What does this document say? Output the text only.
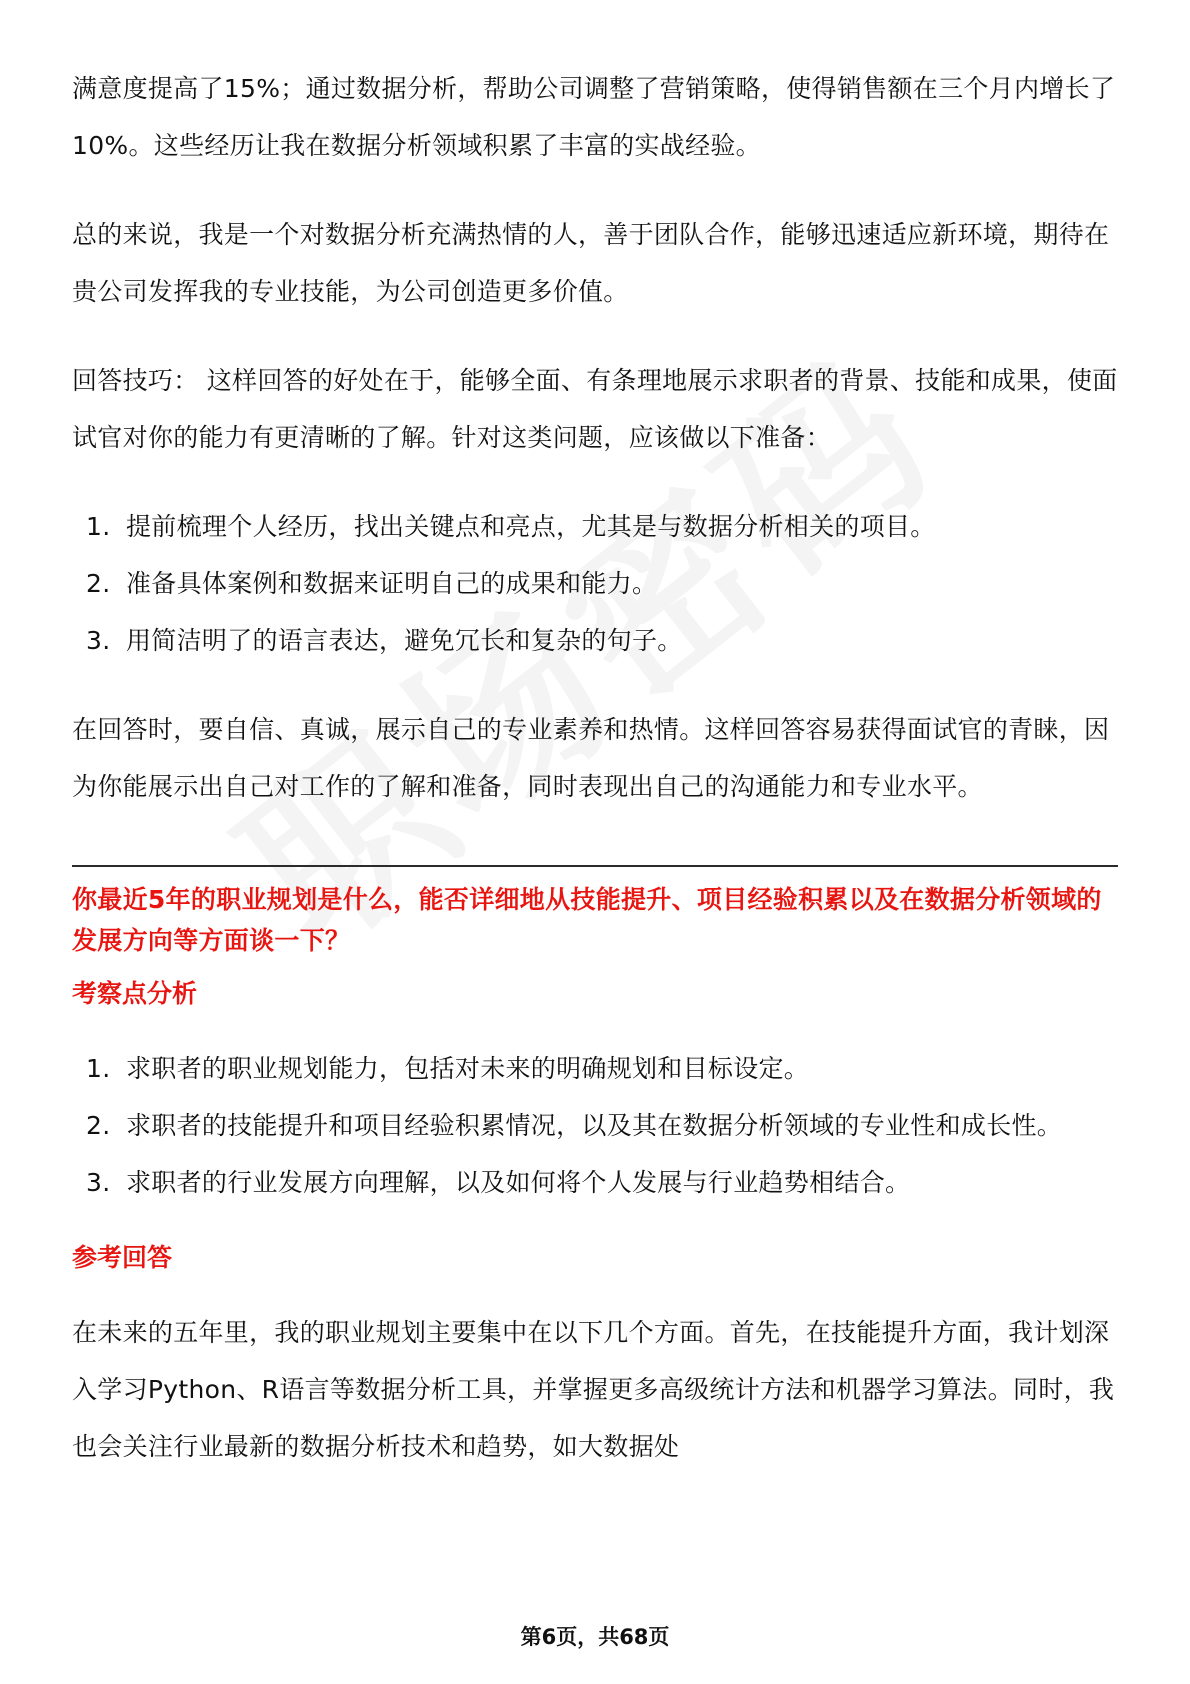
满意度提高了15%；通过数据分析，帮助公司调整了营销策略，使得销售额在三个月内增长了10%。这些经历让我在数据分析领域积累了丰富的实战经验。

总的来说，我是一个对数据分析充满热情的人，善于团队合作，能够迅速适应新环境，期待在贵公司发挥我的专业技能，为公司创造更多价值。

回答技巧： 这样回答的好处在于，能够全面、有条理地展示求职者的背景、技能和成果，使面试官对你的能力有更清晰的了解。针对这类问题，应该做以下准备：

1. 提前梳理个人经历，找出关键点和亮点，尤其是与数据分析相关的项目。
2. 准备具体案例和数据来证明自己的成果和能力。
3. 用简洁明了的语言表达，避免冗长和复杂的句子。

在回答时，要自信、真诚，展示自己的专业素养和热情。这样回答容易获得面试官的青睐，因为你能展示出自己对工作的了解和准备，同时表现出自己的沟通能力和专业水平。

你最近5年的职业规划是什么，能否详细地从技能提升、项目经验积累以及在数据分析领域的发展方向等方面谈一下？

考察点分析

1. 求职者的职业规划能力，包括对未来的明确规划和目标设定。
2. 求职者的技能提升和项目经验积累情况，以及其在数据分析领域的专业性和成长性。
3. 求职者的行业发展方向理解，以及如何将个人发展与行业趋势相结合。

参考回答

在未来的五年里，我的职业规划主要集中在以下几个方面。首先，在技能提升方面，我计划深入学习Python、R语言等数据分析工具，并掌握更多高级统计方法和机器学习算法。同时，我也会关注行业最新的数据分析技术和趋势，如大数据处

第6页，共68页
